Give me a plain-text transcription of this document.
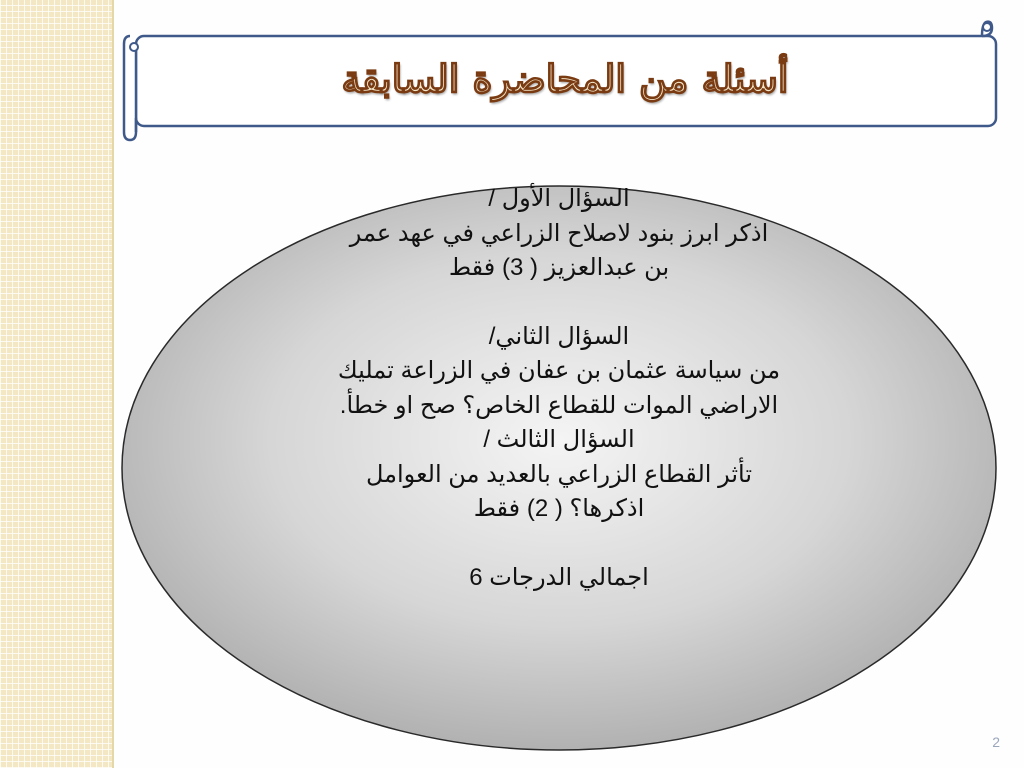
أسئلة من المحاضرة السابقة
السؤال الأول /
اذكر ابرز بنود لاصلاح الزراعي في عهد عمر
بن عبدالعزيز ( 3) فقط
السؤال الثاني/
من سياسة عثمان بن عفان في الزراعة تمليك
الاراضي الموات للقطاع الخاص؟ صح او خطأ.
السؤال الثالث /
تأثر القطاع الزراعي بالعديد من العوامل
اذكرها؟ ( 2) فقط
اجمالي الدرجات 6
2
